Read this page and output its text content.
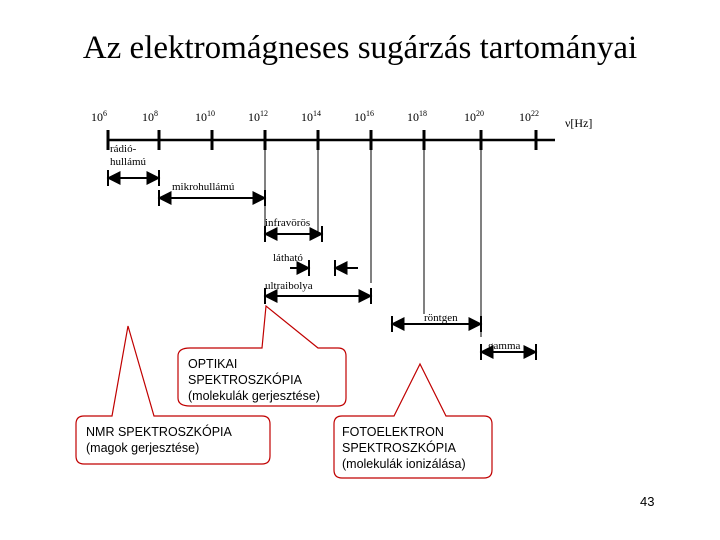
Az elektromágneses sugárzás tartományai
$10^6$	$10^8$	$10^{10}$	$10^{12}$	$10^{14}$	$10^{16}$	$10^{18}$	$10^{20}$	$10^{22}$
ν[Hz]
rádió-
hullámú
mikrohullámú
infravörös
látható
ultraibolya
röntgen
gamma
OPTIKAI
SPEKTROSZKÓPIA
(molekulák gerjesztése)
NMR SPEKTROSZKÓPIA
(magok gerjesztése)
FOTOELEKTRON
SPEKTROSZKÓPIA
(molekulák ionizálása)
43
